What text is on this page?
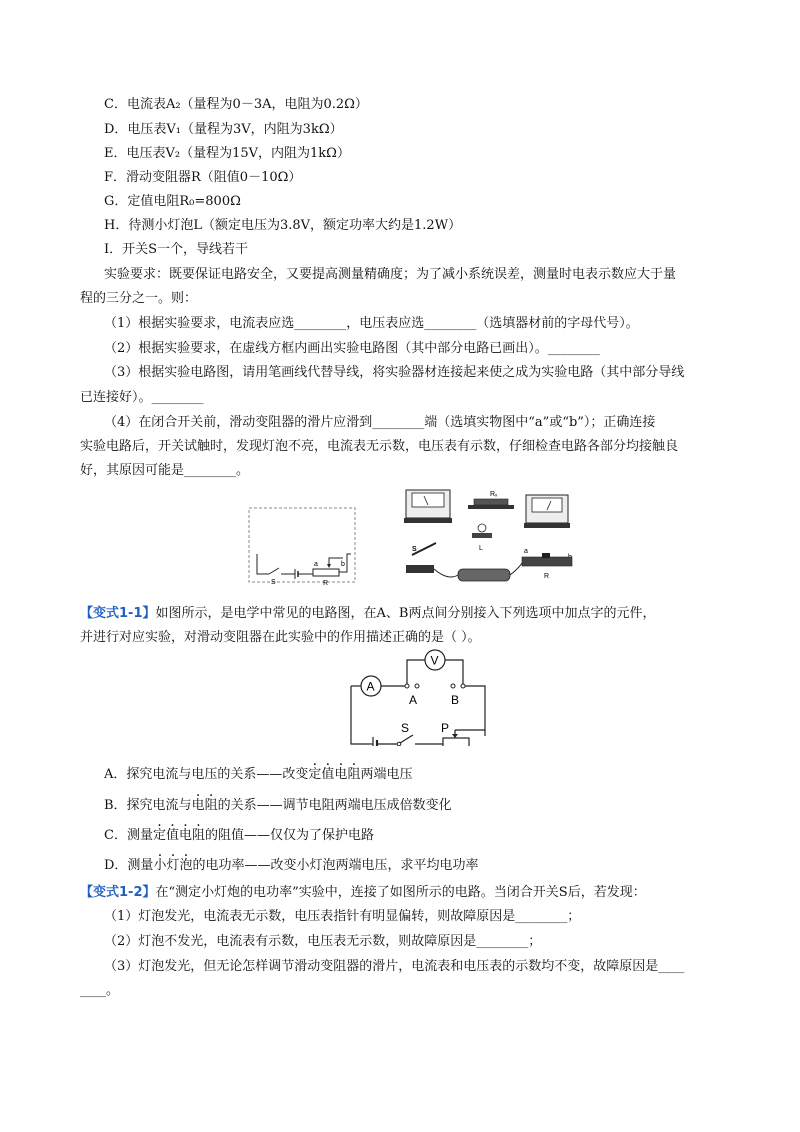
C．电流表A₂（量程为0－3A，电阻为0.2Ω）
D．电压表V₁（量程为3V，内阻为3kΩ）
E．电压表V₂（量程为15V，内阻为1kΩ）
F．滑动变阻器R（阻值0－10Ω）
G．定值电阻R₀=800Ω
H．待测小灯泡L（额定电压为3.8V，额定功率大约是1.2W）
I．开关S一个，导线若干
实验要求：既要保证电路安全，又要提高测量精确度；为了减小系统误差，测量时电表示数应大于量
程的三分之一。则：
（1）根据实验要求，电流表应选________，电压表应选________（选填器材前的字母代号）。
（2）根据实验要求，在虚线方框内画出实验电路图（其中部分电路已画出）。________
（3）根据实验电路图，请用笔画线代替导线，将实验器材连接起来使之成为实验电路（其中部分导线
已连接好）。________
（4）在闭合开关前，滑动变阻器的滑片应滑到________端（选填实物图中“a”或“b”）；正确连接
实验电路后，开关试触时，发现灯泡不亮，电流表无示数，电压表有示数，仔细检查电路各部分均接触良
好，其原因可能是________。
S	R
a	b
Rₓ
L
S	a
R
【变式1-1】如图所示，是电学中常见的电路图，在A、B两点间分别接入下列选项中加点字的元件，
并进行对应实验，对滑动变阻器在此实验中的作用描述正确的是（ ）。
V
A
A	B
S	P
A．探究电流与电压的关系——改变定值电阻两端电压
B．探究电流与电阻的关系——调节电阻两端电压成倍数变化
C．测量定值电阻的阻值——仅仅为了保护电路
D．测量小灯泡的电功率——改变小灯泡两端电压，求平均电功率
【变式1-2】在“测定小灯炮的电功率”实验中，连接了如图所示的电路。当闭合开关S后，若发现：
（1）灯泡发光，电流表无示数，电压表指针有明显偏转，则故障原因是________；
（2）灯泡不发光，电流表有示数，电压表无示数，则故障原因是________；
（3）灯泡发光，但无论怎样调节滑动变阻器的滑片，电流表和电压表的示数均不变，故障原因是____
____。
